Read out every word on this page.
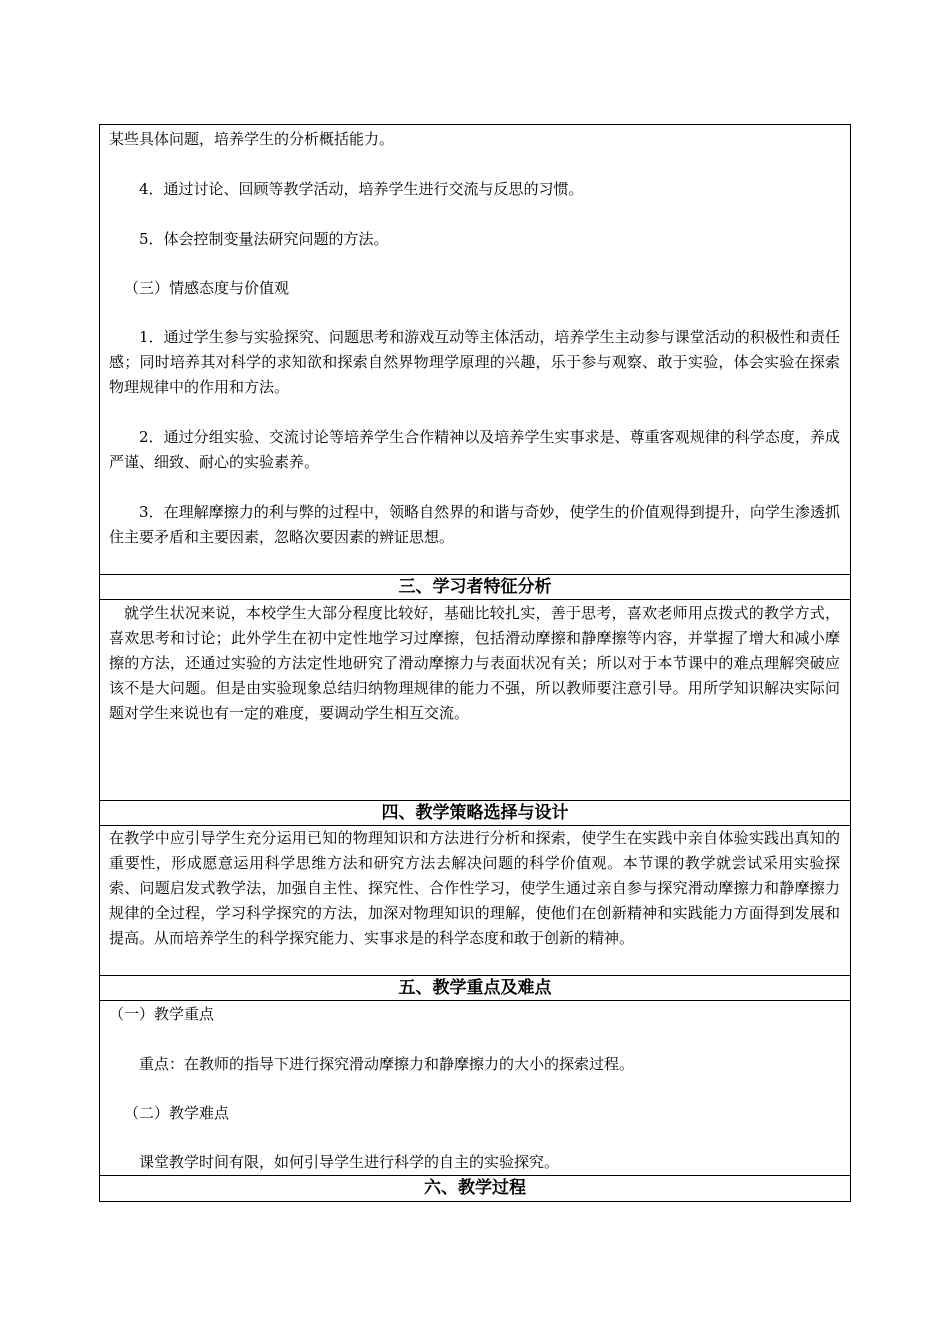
某些具体问题，培养学生的分析概括能力。

4．通过讨论、回顾等教学活动，培养学生进行交流与反思的习惯。

5．体会控制变量法研究问题的方法。

（三）情感态度与价值观

1．通过学生参与实验探究、问题思考和游戏互动等主体活动，培养学生主动参与课堂活动的积极性和责任感；同时培养其对科学的求知欲和探索自然界物理学原理的兴趣，乐于参与观察、敢于实验，体会实验在探索物理规律中的作用和方法。

2．通过分组实验、交流讨论等培养学生合作精神以及培养学生实事求是、尊重客观规律的科学态度，养成严谨、细致、耐心的实验素养。

3．在理解摩擦力的利与弊的过程中，领略自然界的和谐与奇妙，使学生的价值观得到提升，向学生渗透抓住主要矛盾和主要因素，忽略次要因素的辨证思想。

三、学习者特征分析

就学生状况来说，本校学生大部分程度比较好，基础比较扎实，善于思考，喜欢老师用点拨式的教学方式，喜欢思考和讨论；此外学生在初中定性地学习过摩擦，包括滑动摩擦和静摩擦等内容，并掌握了增大和减小摩擦的方法，还通过实验的方法定性地研究了滑动摩擦力与表面状况有关；所以对于本节课中的难点理解突破应该不是大问题。但是由实验现象总结归纳物理规律的能力不强，所以教师要注意引导。用所学知识解决实际问题对学生来说也有一定的难度，要调动学生相互交流。

四、教学策略选择与设计

在教学中应引导学生充分运用已知的物理知识和方法进行分析和探索，使学生在实践中亲自体验实践出真知的重要性，形成愿意运用科学思维方法和研究方法去解决问题的科学价值观。本节课的教学就尝试采用实验探索、问题启发式教学法，加强自主性、探究性、合作性学习，使学生通过亲自参与探究滑动摩擦力和静摩擦力规律的全过程，学习科学探究的方法，加深对物理知识的理解，使他们在创新精神和实践能力方面得到发展和提高。从而培养学生的科学探究能力、实事求是的科学态度和敢于创新的精神。

五、教学重点及难点

（一）教学重点

重点：在教师的指导下进行探究滑动摩擦力和静摩擦力的大小的探索过程。

（二）教学难点

课堂教学时间有限，如何引导学生进行科学的自主的实验探究。

六、教学过程
